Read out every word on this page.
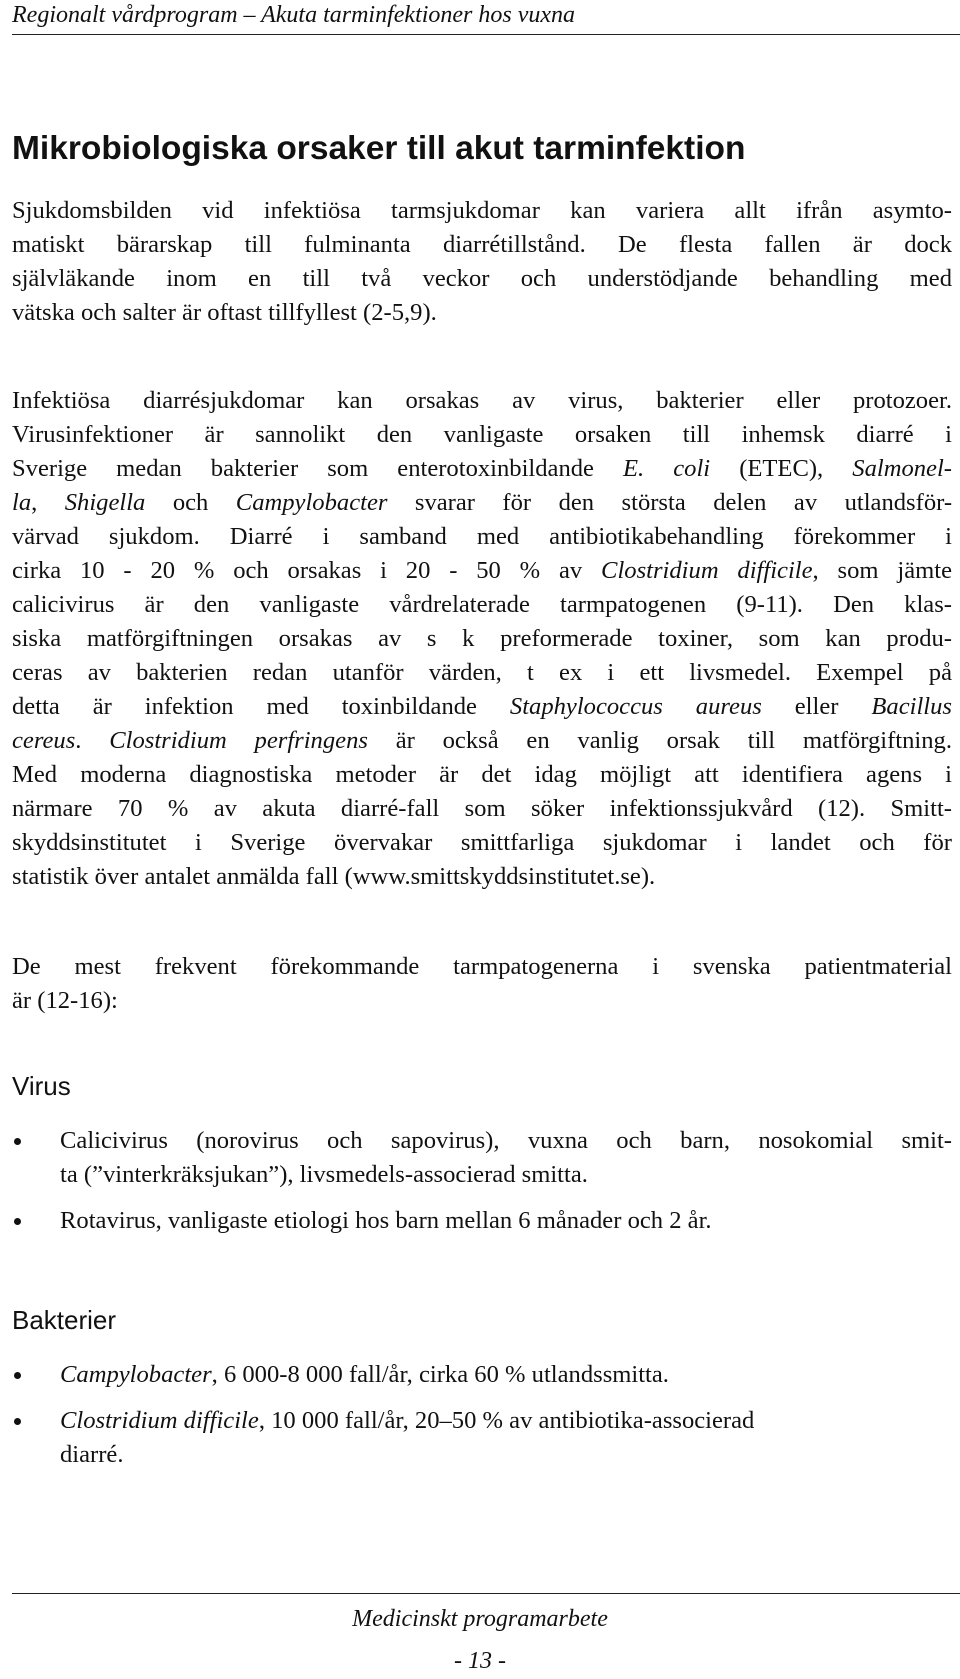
Regionalt vårdprogram – Akuta tarminfektioner hos vuxna
Mikrobiologiska orsaker till akut tarminfektion

Sjukdomsbilden vid infektiösa tarmsjukdomar kan variera allt ifrån asymto-
matiskt bärarskap till fulminanta diarrétillstånd. De flesta fallen är dock
självläkande inom en till två veckor och understödjande behandling med
vätska och salter är oftast tillfyllest (2-5,9).

Infektiösa diarrésjukdomar kan orsakas av virus, bakterier eller protozoer.
Virusinfektioner är sannolikt den vanligaste orsaken till inhemsk diarré i
Sverige medan bakterier som enterotoxinbildande E. coli (ETEC), Salmonel-
la, Shigella och Campylobacter svarar för den största delen av utlandsför-
värvad sjukdom. Diarré i samband med antibiotikabehandling förekommer i
cirka 10 - 20 % och orsakas i 20 - 50 % av Clostridium difficile, som jämte
calicivirus är den vanligaste vårdrelaterade tarmpatogenen (9-11). Den klas-
siska matförgiftningen orsakas av s k preformerade toxiner, som kan produ-
ceras av bakterien redan utanför värden, t ex i ett livsmedel. Exempel på
detta är infektion med toxinbildande Staphylococcus aureus eller Bacillus
cereus. Clostridium perfringens är också en vanlig orsak till matförgiftning.
Med moderna diagnostiska metoder är det idag möjligt att identifiera agens i
närmare 70 % av akuta diarré-fall som söker infektionssjukvård (12). Smitt-
skyddsinstitutet i Sverige övervakar smittfarliga sjukdomar i landet och för
statistik över antalet anmälda fall (www.smittskyddsinstitutet.se).

De mest frekvent förekommande tarmpatogenerna i svenska patientmaterial
är (12-16):

Virus
Calicivirus (norovirus och sapovirus), vuxna och barn, nosokomial smit-
ta (”vinterkräksjukan”), livsmedels-associerad smitta.
Rotavirus, vanligaste etiologi hos barn mellan 6 månader och 2 år.
Bakterier
Campylobacter, 6 000-8 000 fall/år, cirka 60 % utlandssmitta.
Clostridium difficile, 10 000 fall/år, 20–50 % av antibiotika-associerad
diarré.
Medicinskt programarbete
- 13 -
